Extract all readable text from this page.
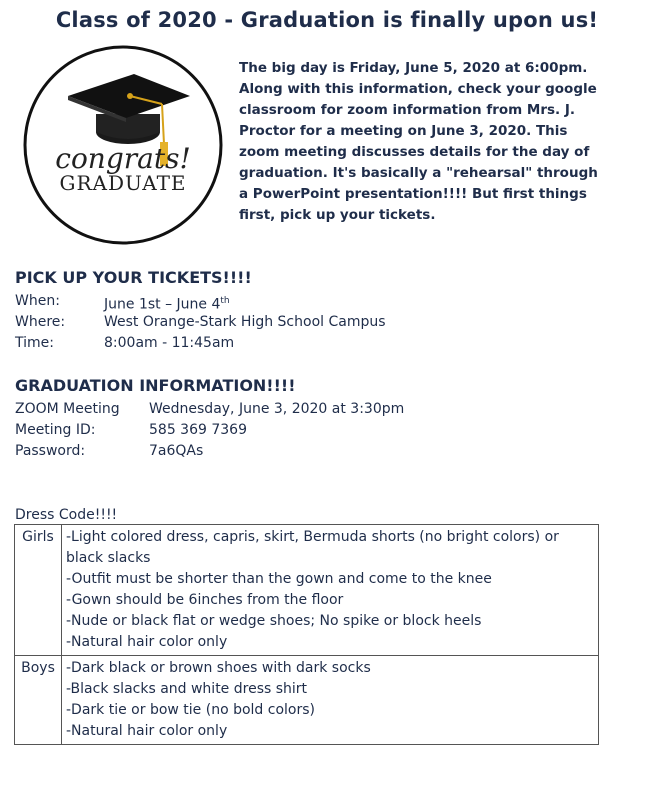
Class of 2020 - Graduation is finally upon us!
congrats!
GRADUATE
The big day is Friday, June 5, 2020 at 6:00pm. Along with this information, check your google classroom for zoom information from Mrs. J. Proctor for a meeting on June 3, 2020. This zoom meeting discusses details for the day of graduation. It's basically a "rehearsal" through a PowerPoint presentation!!!! But first things first, pick up your tickets.
PICK UP YOUR TICKETS!!!!
When:	June 1st – June 4th
Where:	West Orange-Stark High School Campus
Time:	8:00am - 11:45am
GRADUATION INFORMATION!!!!
ZOOM Meeting Wednesday, June 3, 2020 at 3:30pm
Meeting ID:	585 369 7369
Password:	7a6QAs
Dress Code!!!!
Girls	-Light colored dress, capris, skirt, Bermuda shorts (no bright colors) or black slacks
-Outfit must be shorter than the gown and come to the knee
-Gown should be 6inches from the floor
-Nude or black flat or wedge shoes; No spike or block heels
-Natural hair color only

Boys	-Dark black or brown shoes with dark socks
-Black slacks and white dress shirt
-Dark tie or bow tie (no bold colors)
-Natural hair color only
